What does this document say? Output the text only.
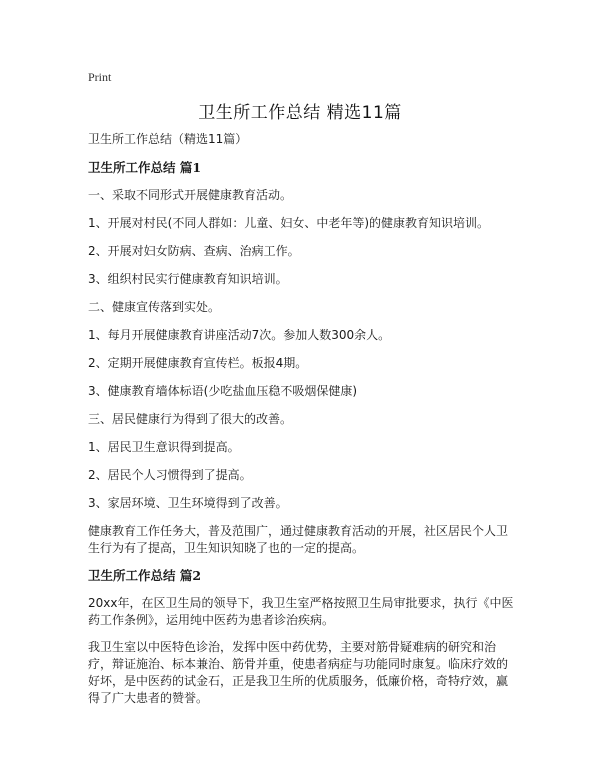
Print
卫生所工作总结 精选11篇

卫生所工作总结（精选11篇）

卫生所工作总结 篇1

一、采取不同形式开展健康教育活动。

1、开展对村民(不同人群如：儿童、妇女、中老年等)的健康教育知识培训。

2、开展对妇女防病、查病、治病工作。

3、组织村民实行健康教育知识培训。

二、健康宣传落到实处。

1、每月开展健康教育讲座活动7次。参加人数300余人。

2、定期开展健康教育宣传栏。板报4期。

3、健康教育墙体标语(少吃盐血压稳不吸烟保健康)

三、居民健康行为得到了很大的改善。

1、居民卫生意识得到提高。

2、居民个人习惯得到了提高。

3、家居环境、卫生环境得到了改善。

健康教育工作任务大，普及范围广，通过健康教育活动的开展，社区居民个人卫生行为有了提高，卫生知识知晓了也的一定的提高。

卫生所工作总结 篇2

20xx年，在区卫生局的领导下，我卫生室严格按照卫生局审批要求，执行《中医药工作条例》，运用纯中医药为患者诊治疾病。

我卫生室以中医特色诊治，发挥中医中药优势，主要对筋骨疑难病的研究和治疗，辩证施治、标本兼治、筋骨并重，使患者病症与功能同时康复。临床疗效的好坏，是中医药的试金石，正是我卫生所的优质服务，低廉价格，奇特疗效，赢得了广大患者的赞誉。
